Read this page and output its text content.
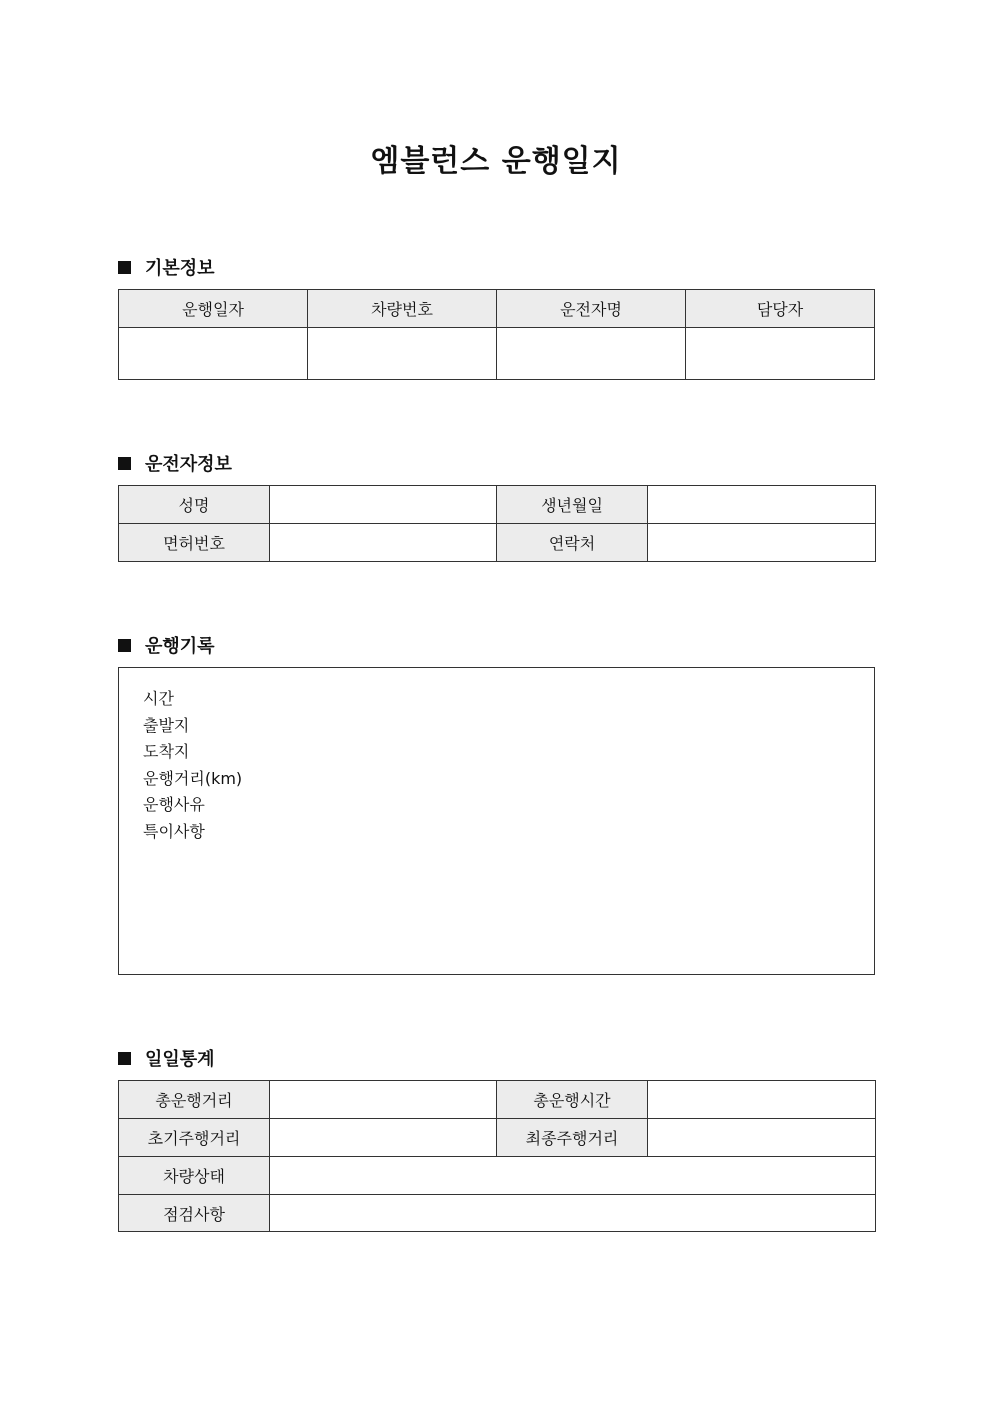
엠블런스 운행일지
기본정보
운행일자	차량번호	운전자명	담당자

운전자정보
성명		생년월일	
면허번호		연락처	
운행기록
시간
출발지
도착지
운행거리(km)
운행사유
특이사항
일일통계
총운행거리		총운행시간	
초기주행거리		최종주행거리	
차량상태			
점검사항			
